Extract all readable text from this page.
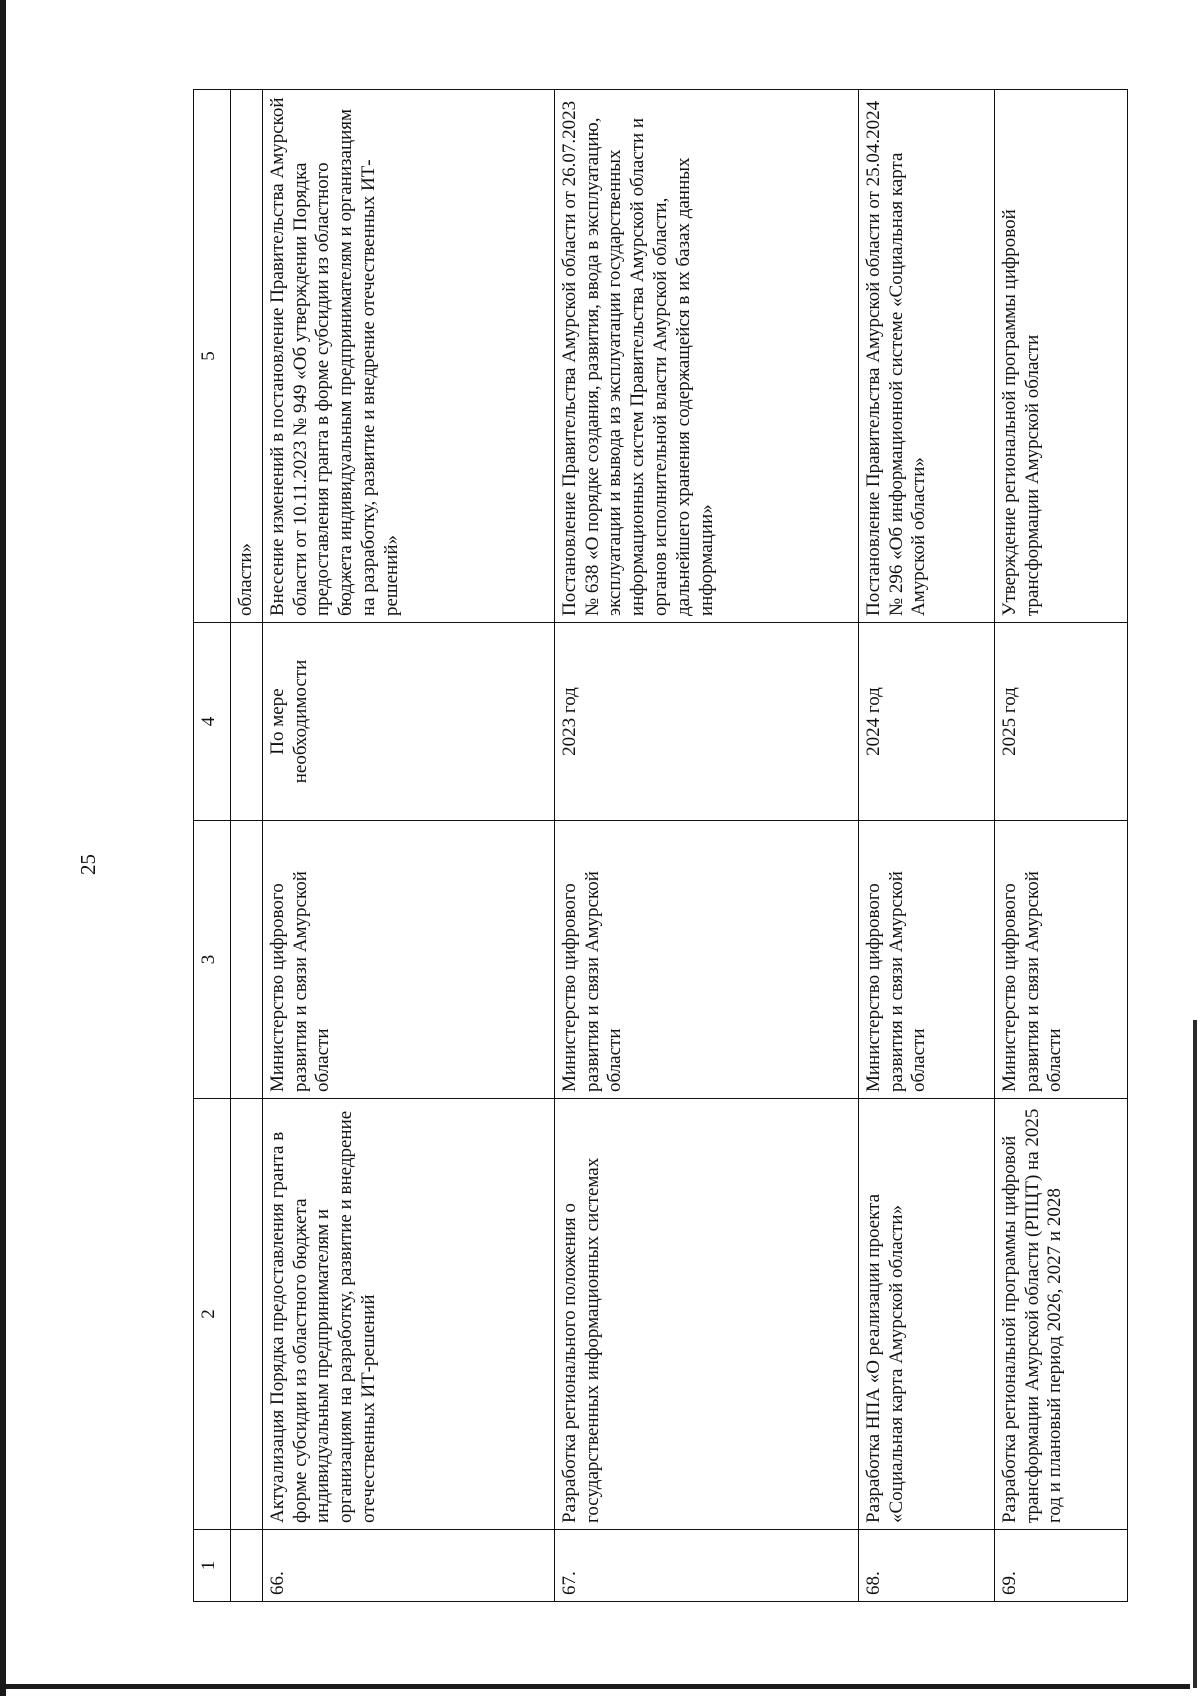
25
1	2	3	4	5
				области»
66.	Актуализация Порядка предоставления гранта в форме субсидии из областного бюджета индивидуальным предпринимателям и организациям на разработку, развитие и внедрение отечественных ИТ-решений	Министерство цифрового развития и связи Амурской области	По мере необходимости	Внесение изменений в постановление Правительства Амурской области от 10.11.2023 № 949 «Об утверждении Порядка предоставления гранта в форме субсидии из областного бюджета индивидуальным предпринимателям и организациям на разработку, развитие и внедрение отечественных ИТ-решений»
67.	Разработка регионального положения о государственных информационных системах	Министерство цифрового развития и связи Амурской области	2023 год	Постановление Правительства Амурской области от 26.07.2023 № 638 «О порядке создания, развития, ввода в эксплуатацию, эксплуатации и вывода из эксплуатации государственных информационных систем Правительства Амурской области и органов исполнительной власти Амурской области, дальнейшего хранения содержащейся в их базах данных информации»
68.	Разработка НПА «О реализации проекта «Социальная карта Амурской области»	Министерство цифрового развития и связи Амурской области	2024 год	Постановление Правительства Амурской области от 25.04.2024 № 296 «Об информационной системе «Социальная карта Амурской области»
69.	Разработка региональной программы цифровой трансформации Амурской области (РПЦТ) на 2025 год и плановый период 2026, 2027 и 2028	Министерство цифрового развития и связи Амурской области	2025 год	Утверждение региональной программы цифровой трансформации Амурской области
